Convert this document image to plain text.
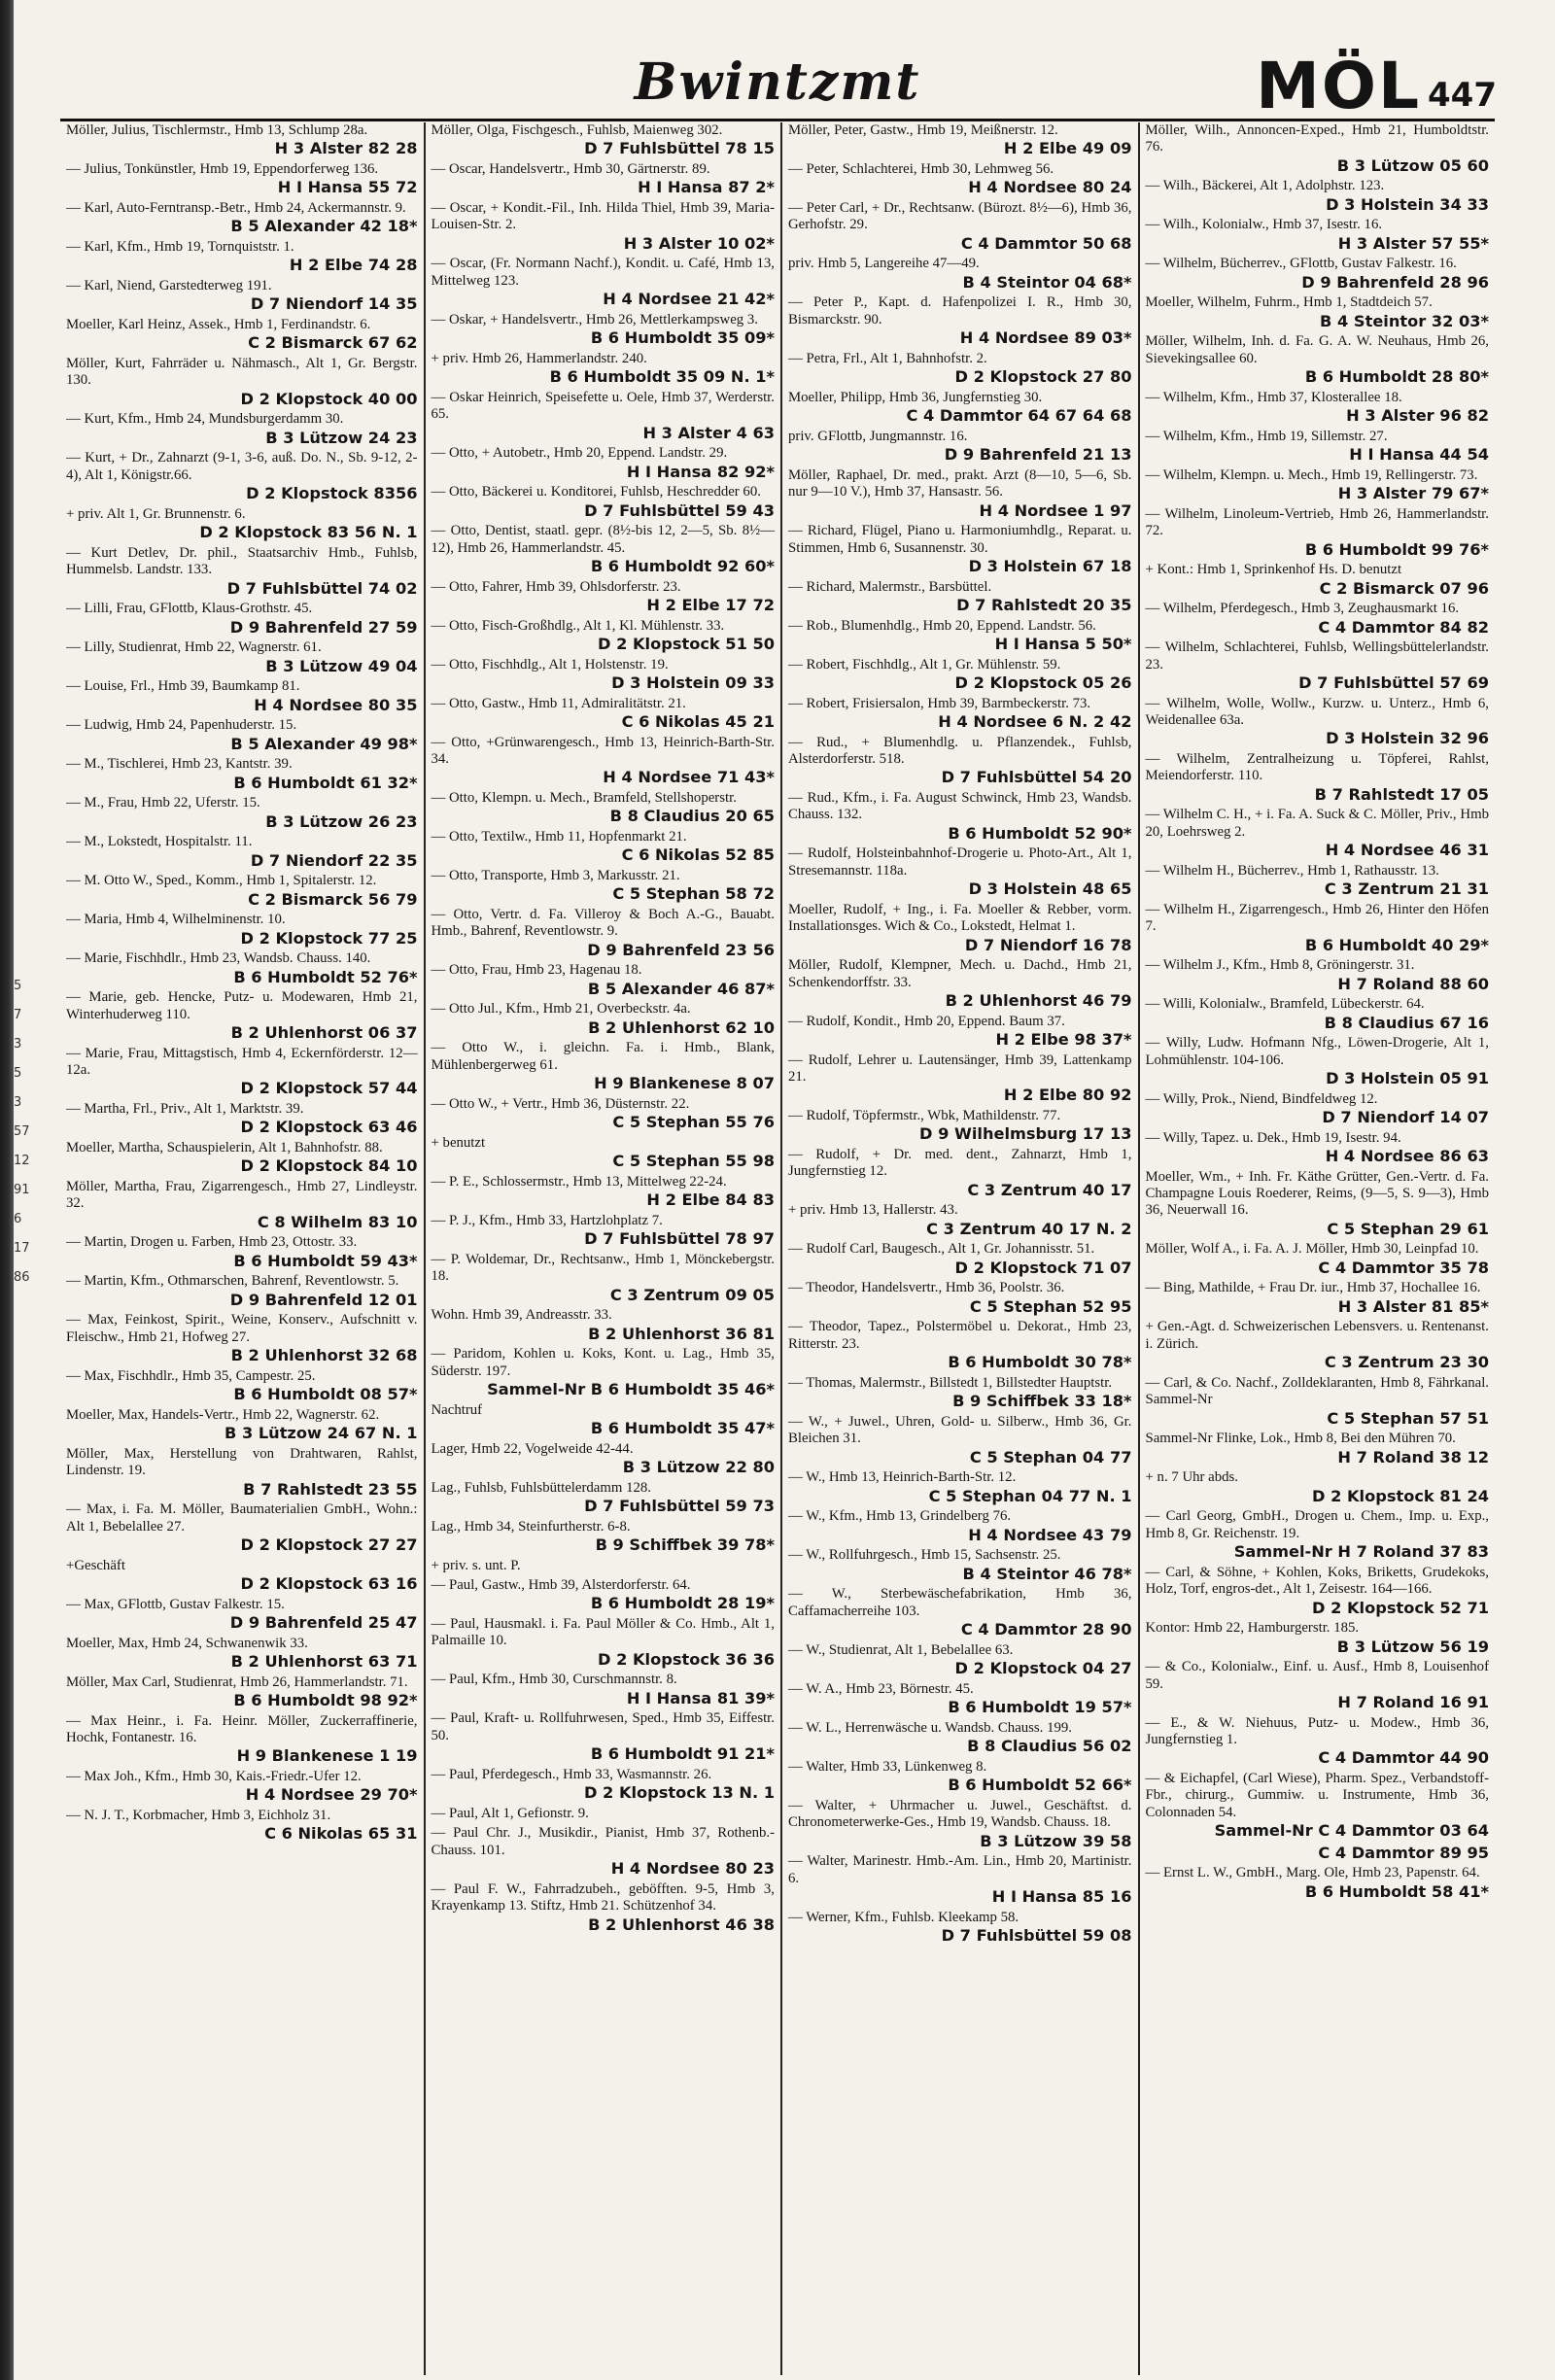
5
7
3
5
3
57
12
91
6
17
86
Bwintzmt	MÖL 447
Möller, Julius, Tischlermstr., Hmb 13, Schlump 28a.
H 3 Alster 82 28
— Julius, Tonkünstler, Hmb 19, Eppendorferweg 136.
H I Hansa 55 72
— Karl, Auto-Ferntransp.-Betr., Hmb 24, Ackermannstr. 9.
B 5 Alexander 42 18*
— Karl, Kfm., Hmb 19, Tornquiststr. 1.
H 2 Elbe 74 28
— Karl, Niend, Garstedterweg 191.
D 7 Niendorf 14 35
Moeller, Karl Heinz, Assek., Hmb 1, Ferdinandstr. 6.
C 2 Bismarck 67 62
Möller, Kurt, Fahrräder u. Nähmasch., Alt 1, Gr. Bergstr. 130.
D 2 Klopstock 40 00
— Kurt, Kfm., Hmb 24, Mundsburgerdamm 30.
B 3 Lützow 24 23
— Kurt, + Dr., Zahnarzt (9-1, 3-6, auß. Do. N., Sb. 9-12, 2-4), Alt 1, Königstr.66.
D 2 Klopstock 8356
+ priv. Alt 1, Gr. Brunnenstr. 6.
D 2 Klopstock 83 56 N. 1
— Kurt Detlev, Dr. phil., Staatsarchiv Hmb., Fuhlsb, Hummelsb. Landstr. 133.
D 7 Fuhlsbüttel 74 02
— Lilli, Frau, GFlottb, Klaus-Grothstr. 45.
D 9 Bahrenfeld 27 59
— Lilly, Studienrat, Hmb 22, Wagnerstr. 61.
B 3 Lützow 49 04
— Louise, Frl., Hmb 39, Baumkamp 81.
H 4 Nordsee 80 35
— Ludwig, Hmb 24, Papenhuderstr. 15.
B 5 Alexander 49 98*
— M., Tischlerei, Hmb 23, Kantstr. 39.
B 6 Humboldt 61 32*
— M., Frau, Hmb 22, Uferstr. 15.
B 3 Lützow 26 23
— M., Lokstedt, Hospitalstr. 11.
D 7 Niendorf 22 35
— M. Otto W., Sped., Komm., Hmb 1, Spitalerstr. 12.
C 2 Bismarck 56 79
— Maria, Hmb 4, Wilhelminenstr. 10.
D 2 Klopstock 77 25
— Marie, Fischhdlr., Hmb 23, Wandsb. Chauss. 140.
B 6 Humboldt 52 76*
— Marie, geb. Hencke, Putz- u. Modewaren, Hmb 21, Winterhuderweg 110.
B 2 Uhlenhorst 06 37
— Marie, Frau, Mittagstisch, Hmb 4, Eckernförderstr. 12—12a.
D 2 Klopstock 57 44
— Martha, Frl., Priv., Alt 1, Marktstr. 39.
D 2 Klopstock 63 46
Moeller, Martha, Schauspielerin, Alt 1, Bahnhofstr. 88.
D 2 Klopstock 84 10
Möller, Martha, Frau, Zigarrengesch., Hmb 27, Lindleystr. 32.
C 8 Wilhelm 83 10
— Martin, Drogen u. Farben, Hmb 23, Ottostr. 33.
B 6 Humboldt 59 43*
— Martin, Kfm., Othmarschen, Bahrenf, Reventlowstr. 5.
D 9 Bahrenfeld 12 01
— Max, Feinkost, Spirit., Weine, Konserv., Aufschnitt v. Fleischw., Hmb 21, Hofweg 27.
B 2 Uhlenhorst 32 68
— Max, Fischhdlr., Hmb 35, Campestr. 25.
B 6 Humboldt 08 57*
Moeller, Max, Handels-Vertr., Hmb 22, Wagnerstr. 62.
B 3 Lützow 24 67 N. 1
Möller, Max, Herstellung von Drahtwaren, Rahlst, Lindenstr. 19.
B 7 Rahlstedt 23 55
— Max, i. Fa. M. Möller, Baumaterialien GmbH., Wohn.: Alt 1, Bebelallee 27.
D 2 Klopstock 27 27
+Geschäft
D 2 Klopstock 63 16
— Max, GFlottb, Gustav Falkestr. 15.
D 9 Bahrenfeld 25 47
Moeller, Max, Hmb 24, Schwanenwik 33.
B 2 Uhlenhorst 63 71
Möller, Max Carl, Studienrat, Hmb 26, Hammerlandstr. 71.
B 6 Humboldt 98 92*
— Max Heinr., i. Fa. Heinr. Möller, Zuckerraffinerie, Hochk, Fontanestr. 16.
H 9 Blankenese 1 19
— Max Joh., Kfm., Hmb 30, Kais.-Friedr.-Ufer 12.
H 4 Nordsee 29 70*
— N. J. T., Korbmacher, Hmb 3, Eichholz 31.
C 6 Nikolas 65 31
Möller, Olga, Fischgesch., Fuhlsb, Maienweg 302.
D 7 Fuhlsbüttel 78 15
— Oscar, Handelsvertr., Hmb 30, Gärtnerstr. 89.
H I Hansa 87 2*
— Oscar, + Kondit.-Fil., Inh. Hilda Thiel, Hmb 39, Maria-Louisen-Str. 2.
H 3 Alster 10 02*
— Oscar, (Fr. Normann Nachf.), Kondit. u. Café, Hmb 13, Mittelweg 123.
H 4 Nordsee 21 42*
— Oskar, + Handelsvertr., Hmb 26, Mettlerkampsweg 3.
B 6 Humboldt 35 09*
+ priv. Hmb 26, Hammerlandstr. 240.
B 6 Humboldt 35 09 N. 1*
— Oskar Heinrich, Speisefette u. Oele, Hmb 37, Werderstr. 65.
H 3 Alster 4 63
— Otto, + Autobetr., Hmb 20, Eppend. Landstr. 29.
H I Hansa 82 92*
— Otto, Bäckerei u. Konditorei, Fuhlsb, Heschredder 60.
D 7 Fuhlsbüttel 59 43
— Otto, Dentist, staatl. gepr. (8½-bis 12, 2—5, Sb. 8½—12), Hmb 26, Hammerlandstr. 45.
B 6 Humboldt 92 60*
— Otto, Fahrer, Hmb 39, Ohlsdorferstr. 23.
H 2 Elbe 17 72
— Otto, Fisch-Großhdlg., Alt 1, Kl. Mühlenstr. 33.
D 2 Klopstock 51 50
— Otto, Fischhdlg., Alt 1, Holstenstr. 19.
D 3 Holstein 09 33
— Otto, Gastw., Hmb 11, Admiralitätstr. 21.
C 6 Nikolas 45 21
— Otto, +Grünwarengesch., Hmb 13, Heinrich-Barth-Str. 34.
H 4 Nordsee 71 43*
— Otto, Klempn. u. Mech., Bramfeld, Stellshoperstr.
B 8 Claudius 20 65
— Otto, Textilw., Hmb 11, Hopfenmarkt 21.
C 6 Nikolas 52 85
— Otto, Transporte, Hmb 3, Markusstr. 21.
C 5 Stephan 58 72
— Otto, Vertr. d. Fa. Villeroy & Boch A.-G., Bauabt. Hmb., Bahrenf, Reventlowstr. 9.
D 9 Bahrenfeld 23 56
— Otto, Frau, Hmb 23, Hagenau 18.
B 5 Alexander 46 87*
— Otto Jul., Kfm., Hmb 21, Overbeckstr. 4a.
B 2 Uhlenhorst 62 10
— Otto W., i. gleichn. Fa. i. Hmb., Blank, Mühlenbergerweg 61.
H 9 Blankenese 8 07
— Otto W., + Vertr., Hmb 36, Düsternstr. 22.
C 5 Stephan 55 76
+ benutzt
C 5 Stephan 55 98
— P. E., Schlossermstr., Hmb 13, Mittelweg 22-24.
H 2 Elbe 84 83
— P. J., Kfm., Hmb 33, Hartzlohplatz 7.
D 7 Fuhlsbüttel 78 97
— P. Woldemar, Dr., Rechtsanw., Hmb 1, Mönckebergstr. 18.
C 3 Zentrum 09 05
Wohn. Hmb 39, Andreasstr. 33.
B 2 Uhlenhorst 36 81
— Paridom, Kohlen u. Koks, Kont. u. Lag., Hmb 35, Süderstr. 197.
Sammel-Nr B 6 Humboldt 35 46*
Nachtruf
B 6 Humboldt 35 47*
Lager, Hmb 22, Vogelweide 42-44.
B 3 Lützow 22 80
Lag., Fuhlsb, Fuhlsbüttelerdamm 128.
D 7 Fuhlsbüttel 59 73
Lag., Hmb 34, Steinfurtherstr. 6-8.
B 9 Schiffbek 39 78*
+ priv. s. unt. P.
— Paul, Gastw., Hmb 39, Alsterdorferstr. 64.
B 6 Humboldt 28 19*
— Paul, Hausmakl. i. Fa. Paul Möller & Co. Hmb., Alt 1, Palmaille 10.
D 2 Klopstock 36 36
— Paul, Kfm., Hmb 30, Curschmannstr. 8.
H I Hansa 81 39*
— Paul, Kraft- u. Rollfuhrwesen, Sped., Hmb 35, Eiffestr. 50.
B 6 Humboldt 91 21*
— Paul, Pferdegesch., Hmb 33, Wasmannstr. 26.
D 2 Klopstock 13 N. 1
— Paul, Alt 1, Gefionstr. 9.
— Paul Chr. J., Musikdir., Pianist, Hmb 37, Rothenb.-Chauss. 101.
H 4 Nordsee 80 23
— Paul F. W., Fahrradzubeh., geböfften. 9-5, Hmb 3, Krayenkamp 13. Stiftz, Hmb 21. Schützenhof 34.
B 2 Uhlenhorst 46 38
Möller, Peter, Gastw., Hmb 19, Meißnerstr. 12.
H 2 Elbe 49 09
— Peter, Schlachterei, Hmb 30, Lehmweg 56.
H 4 Nordsee 80 24
— Peter Carl, + Dr., Rechtsanw. (Bürozt. 8½—6), Hmb 36, Gerhofstr. 29.
C 4 Dammtor 50 68
priv. Hmb 5, Langereihe 47—49.
B 4 Steintor 04 68*
— Peter P., Kapt. d. Hafenpolizei I. R., Hmb 30, Bismarckstr. 90.
H 4 Nordsee 89 03*
— Petra, Frl., Alt 1, Bahnhofstr. 2.
D 2 Klopstock 27 80
Moeller, Philipp, Hmb 36, Jungfernstieg 30.
C 4 Dammtor 64 67 64 68
priv. GFlottb, Jungmannstr. 16.
D 9 Bahrenfeld 21 13
Möller, Raphael, Dr. med., prakt. Arzt (8—10, 5—6, Sb. nur 9—10 V.), Hmb 37, Hansastr. 56.
H 4 Nordsee 1 97
— Richard, Flügel, Piano u. Harmoniumhdlg., Reparat. u. Stimmen, Hmb 6, Susannenstr. 30.
D 3 Holstein 67 18
— Richard, Malermstr., Barsbüttel.
D 7 Rahlstedt 20 35
— Rob., Blumenhdlg., Hmb 20, Eppend. Landstr. 56.
H I Hansa 5 50*
— Robert, Fischhdlg., Alt 1, Gr. Mühlenstr. 59.
D 2 Klopstock 05 26
— Robert, Frisiersalon, Hmb 39, Barmbeckerstr. 73.
H 4 Nordsee 6 N. 2 42
— Rud., + Blumenhdlg. u. Pflanzendek., Fuhlsb, Alsterdorferstr. 518.
D 7 Fuhlsbüttel 54 20
— Rud., Kfm., i. Fa. August Schwinck, Hmb 23, Wandsb. Chauss. 132.
B 6 Humboldt 52 90*
— Rudolf, Holsteinbahnhof-Drogerie u. Photo-Art., Alt 1, Stresemannstr. 118a.
D 3 Holstein 48 65
Moeller, Rudolf, + Ing., i. Fa. Moeller & Rebber, vorm. Installationsges. Wich & Co., Lokstedt, Helmat 1.
D 7 Niendorf 16 78
Möller, Rudolf, Klempner, Mech. u. Dachd., Hmb 21, Schenkendorffstr. 33.
B 2 Uhlenhorst 46 79
— Rudolf, Kondit., Hmb 20, Eppend. Baum 37.
H 2 Elbe 98 37*
— Rudolf, Lehrer u. Lautensänger, Hmb 39, Lattenkamp 21.
H 2 Elbe 80 92
— Rudolf, Töpfermstr., Wbk, Mathildenstr. 77.
D 9 Wilhelmsburg 17 13
— Rudolf, + Dr. med. dent., Zahnarzt, Hmb 1, Jungfernstieg 12.
C 3 Zentrum 40 17
+ priv. Hmb 13, Hallerstr. 43.
C 3 Zentrum 40 17 N. 2
— Rudolf Carl, Baugesch., Alt 1, Gr. Johannisstr. 51.
D 2 Klopstock 71 07
— Theodor, Handelsvertr., Hmb 36, Poolstr. 36.
C 5 Stephan 52 95
— Theodor, Tapez., Polstermöbel u. Dekorat., Hmb 23, Ritterstr. 23.
B 6 Humboldt 30 78*
— Thomas, Malermstr., Billstedt 1, Billstedter Hauptstr.
B 9 Schiffbek 33 18*
— W., + Juwel., Uhren, Gold- u. Silberw., Hmb 36, Gr. Bleichen 31.
C 5 Stephan 04 77
— W., Hmb 13, Heinrich-Barth-Str. 12.
C 5 Stephan 04 77 N. 1
— W., Kfm., Hmb 13, Grindelberg 76.
H 4 Nordsee 43 79
— W., Rollfuhrgesch., Hmb 15, Sachsenstr. 25.
B 4 Steintor 46 78*
— W., Sterbewäschefabrikation, Hmb 36, Caffamacherreihe 103.
C 4 Dammtor 28 90
— W., Studienrat, Alt 1, Bebelallee 63.
D 2 Klopstock 04 27
— W. A., Hmb 23, Börnestr. 45.
B 6 Humboldt 19 57*
— W. L., Herrenwäsche u. Wandsb. Chauss. 199.
B 8 Claudius 56 02
— Walter, Hmb 33, Lünkenweg 8.
B 6 Humboldt 52 66*
— Walter, + Uhrmacher u. Juwel., Geschäftst. d. Chronometerwerke-Ges., Hmb 19, Wandsb. Chauss. 18.
B 3 Lützow 39 58
— Walter, Marinestr. Hmb.-Am. Lin., Hmb 20, Martinistr. 6.
H I Hansa 85 16
— Werner, Kfm., Fuhlsb. Kleekamp 58.
D 7 Fuhlsbüttel 59 08
Möller, Wilh., Annoncen-Exped., Hmb 21, Humboldtstr. 76.
B 3 Lützow 05 60
— Wilh., Bäckerei, Alt 1, Adolphstr. 123.
D 3 Holstein 34 33
— Wilh., Kolonialw., Hmb 37, Isestr. 16.
H 3 Alster 57 55*
— Wilhelm, Bücherrev., GFlottb, Gustav Falkestr. 16.
D 9 Bahrenfeld 28 96
Moeller, Wilhelm, Fuhrm., Hmb 1, Stadtdeich 57.
B 4 Steintor 32 03*
Möller, Wilhelm, Inh. d. Fa. G. A. W. Neuhaus, Hmb 26, Sievekingsallee 60.
B 6 Humboldt 28 80*
— Wilhelm, Kfm., Hmb 37, Klosterallee 18.
H 3 Alster 96 82
— Wilhelm, Kfm., Hmb 19, Sillemstr. 27.
H I Hansa 44 54
— Wilhelm, Klempn. u. Mech., Hmb 19, Rellingerstr. 73.
H 3 Alster 79 67*
— Wilhelm, Linoleum-Vertrieb, Hmb 26, Hammerlandstr. 72.
B 6 Humboldt 99 76*
+ Kont.: Hmb 1, Sprinkenhof Hs. D. benutzt
C 2 Bismarck 07 96
— Wilhelm, Pferdegesch., Hmb 3, Zeughausmarkt 16.
C 4 Dammtor 84 82
— Wilhelm, Schlachterei, Fuhlsb, Wellingsbüttelerlandstr. 23.
D 7 Fuhlsbüttel 57 69
— Wilhelm, Wolle, Wollw., Kurzw. u. Unterz., Hmb 6, Weidenallee 63a.
D 3 Holstein 32 96
— Wilhelm, Zentralheizung u. Töpferei, Rahlst, Meiendorferstr. 110.
B 7 Rahlstedt 17 05
— Wilhelm C. H., + i. Fa. A. Suck & C. Möller, Priv., Hmb 20, Loehrsweg 2.
H 4 Nordsee 46 31
— Wilhelm H., Bücherrev., Hmb 1, Rathausstr. 13.
C 3 Zentrum 21 31
— Wilhelm H., Zigarrengesch., Hmb 26, Hinter den Höfen 7.
B 6 Humboldt 40 29*
— Wilhelm J., Kfm., Hmb 8, Gröningerstr. 31.
H 7 Roland 88 60
— Willi, Kolonialw., Bramfeld, Lübeckerstr. 64.
B 8 Claudius 67 16
— Willy, Ludw. Hofmann Nfg., Löwen-Drogerie, Alt 1, Lohmühlenstr. 104-106.
D 3 Holstein 05 91
— Willy, Prok., Niend, Bindfeldweg 12.
D 7 Niendorf 14 07
— Willy, Tapez. u. Dek., Hmb 19, Isestr. 94.
H 4 Nordsee 86 63
Moeller, Wm., + Inh. Fr. Käthe Grütter, Gen.-Vertr. d. Fa. Champagne Louis Roederer, Reims, (9—5, S. 9—3), Hmb 36, Neuerwall 16.
C 5 Stephan 29 61
Möller, Wolf A., i. Fa. A. J. Möller, Hmb 30, Leinpfad 10.
C 4 Dammtor 35 78
— Bing, Mathilde, + Frau Dr. iur., Hmb 37, Hochallee 16.
H 3 Alster 81 85*
+ Gen.-Agt. d. Schweizerischen Lebensvers. u. Rentenanst. i. Zürich.
C 3 Zentrum 23 30
— Carl, & Co. Nachf., Zolldeklaranten, Hmb 8, Fährkanal. Sammel-Nr
C 5 Stephan 57 51
Sammel-Nr Flinke, Lok., Hmb 8, Bei den Mühren 70.
H 7 Roland 38 12
+ n. 7 Uhr abds.
D 2 Klopstock 81 24
— Carl Georg, GmbH., Drogen u. Chem., Imp. u. Exp., Hmb 8, Gr. Reichenstr. 19.
Sammel-Nr H 7 Roland 37 83
— Carl, & Söhne, + Kohlen, Koks, Briketts, Grudekoks, Holz, Torf, engros-det., Alt 1, Zeisestr. 164—166.
D 2 Klopstock 52 71
Kontor: Hmb 22, Hamburgerstr. 185.
B 3 Lützow 56 19
— & Co., Kolonialw., Einf. u. Ausf., Hmb 8, Louisenhof 59.
H 7 Roland 16 91
— E., & W. Niehuus, Putz- u. Modew., Hmb 36, Jungfernstieg 1.
C 4 Dammtor 44 90
— & Eichapfel, (Carl Wiese), Pharm. Spez., Verbandstoff-Fbr., chirurg., Gummiw. u. Instrumente, Hmb 36, Colonnaden 54.
Sammel-Nr C 4 Dammtor 03 64
C 4 Dammtor 89 95
— Ernst L. W., GmbH., Marg. Ole, Hmb 23, Papenstr. 64.
B 6 Humboldt 58 41*
